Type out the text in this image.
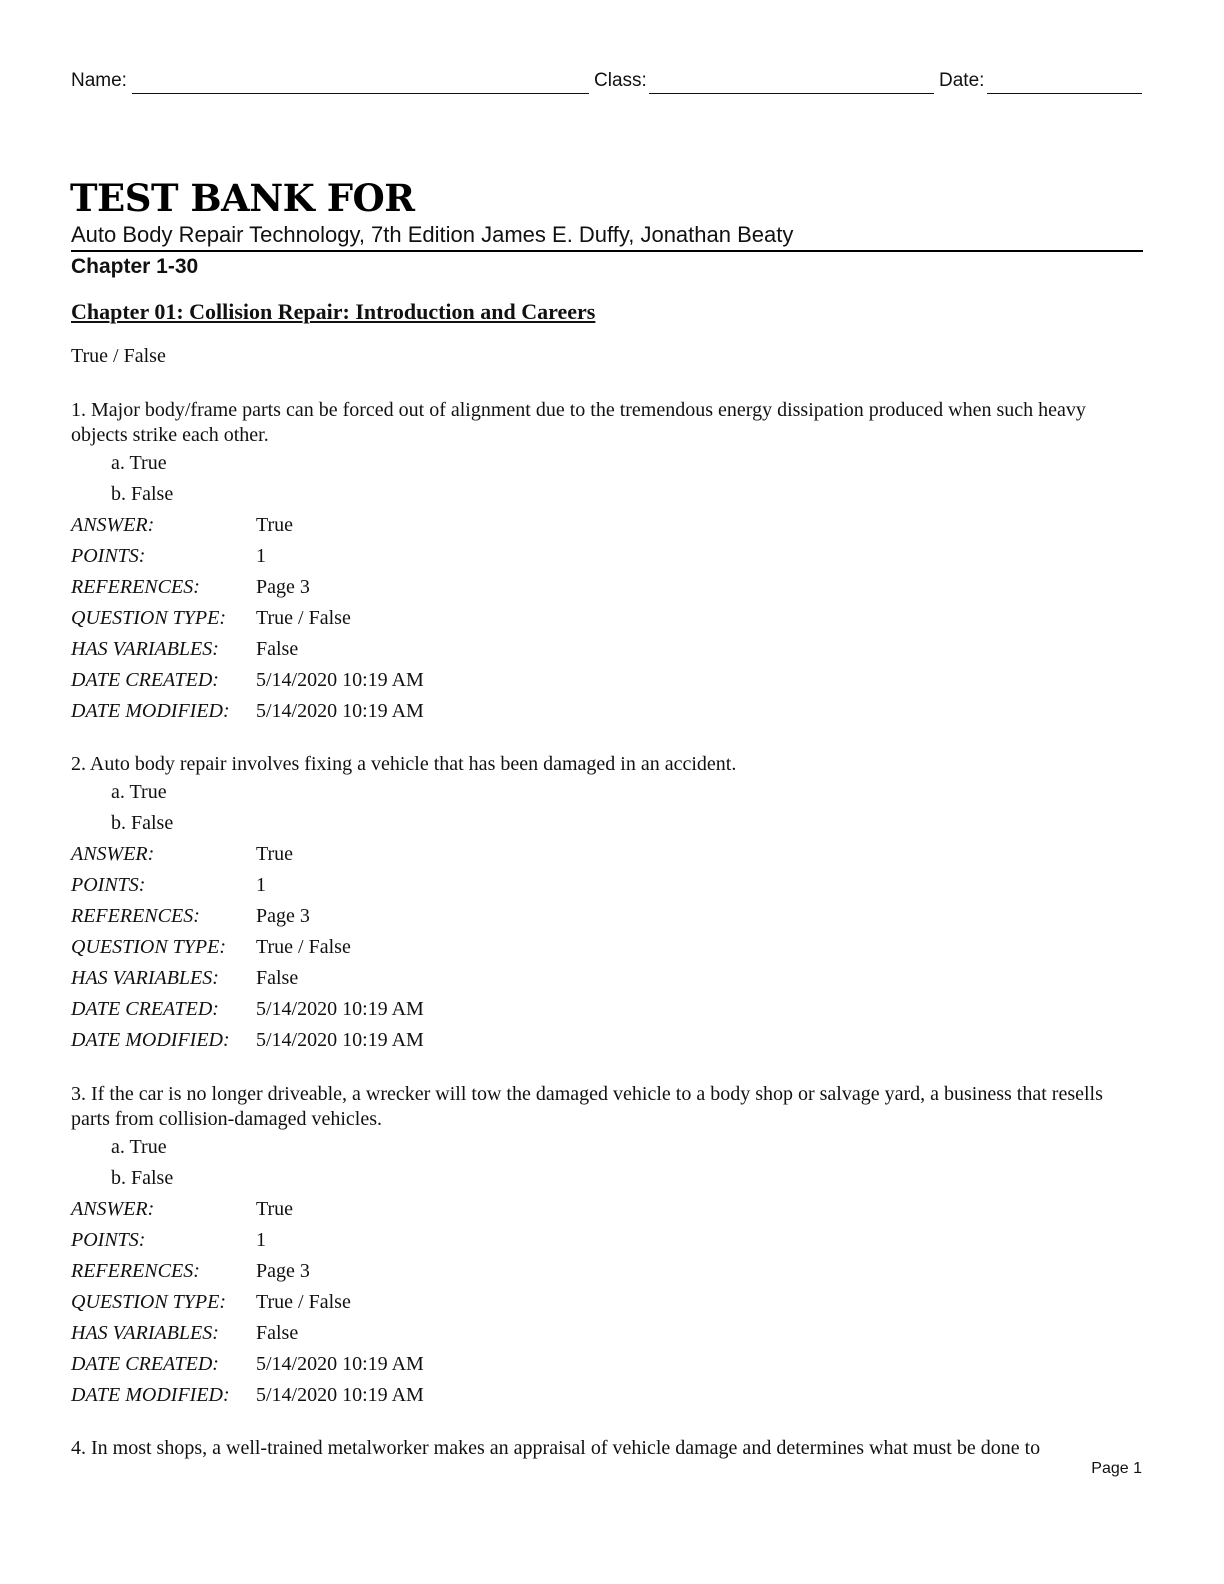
Name:	Class:	Date:
TEST BANK FOR
Auto Body Repair Technology, 7th Edition James E. Duffy, Jonathan Beaty
Chapter 1-30
Chapter 01: Collision Repair: Introduction and Careers
True / False

1. Major body/frame parts can be forced out of alignment due to the tremendous energy dissipation produced when such heavy objects strike each other.

a. True
b. False
ANSWER:	True
POINTS:	1
REFERENCES:	Page 3
QUESTION TYPE:	True / False
HAS VARIABLES:	False
DATE CREATED:	5/14/2020 10:19 AM
DATE MODIFIED:	5/14/2020 10:19 AM

2. Auto body repair involves fixing a vehicle that has been damaged in an accident.

a. True
b. False
ANSWER:	True
POINTS:	1
REFERENCES:	Page 3
QUESTION TYPE:	True / False
HAS VARIABLES:	False
DATE CREATED:	5/14/2020 10:19 AM
DATE MODIFIED:	5/14/2020 10:19 AM

3. If the car is no longer driveable, a wrecker will tow the damaged vehicle to a body shop or salvage yard, a business that resells parts from collision-damaged vehicles.

a. True
b. False
ANSWER:	True
POINTS:	1
REFERENCES:	Page 3
QUESTION TYPE:	True / False
HAS VARIABLES:	False
DATE CREATED:	5/14/2020 10:19 AM
DATE MODIFIED:	5/14/2020 10:19 AM

4. In most shops, a well-trained metalworker makes an appraisal of vehicle damage and determines what must be done to

Page 1
